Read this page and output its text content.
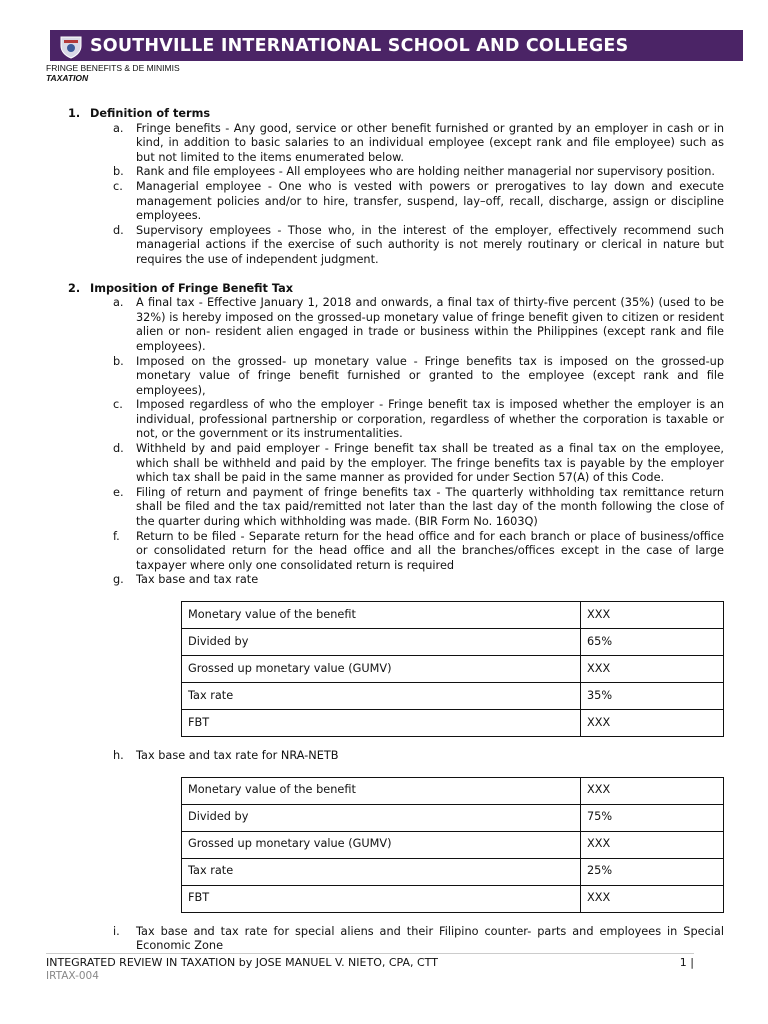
SOUTHVILLE INTERNATIONAL SCHOOL AND COLLEGES
FRINGE BENEFITS & DE MINIMIS
TAXATION
1. Definition of terms
a.	Fringe benefits - Any good, service or other benefit furnished or granted by an employer in cash or in kind, in addition to basic salaries to an individual employee (except rank and file employee) such as but not limited to the items enumerated below.
b.	Rank and file employees - All employees who are holding neither managerial nor supervisory position.
c.	Managerial employee - One who is vested with powers or prerogatives to lay down and execute management policies and/or to hire, transfer, suspend, lay–off, recall, discharge, assign or discipline employees.
d.	Supervisory employees - Those who, in the interest of the employer, effectively recommend such managerial actions if the exercise of such authority is not merely routinary or clerical in nature but requires the use of independent judgment.
2. Imposition of Fringe Benefit Tax
a.	A final tax - Effective January 1, 2018 and onwards, a final tax of thirty-five percent (35%) (used to be 32%) is hereby imposed on the grossed-up monetary value of fringe benefit given to citizen or resident alien or non- resident alien engaged in trade or business within the Philippines (except rank and file employees).
b.	Imposed on the grossed- up monetary value - Fringe benefits tax is imposed on the grossed-up monetary value of fringe benefit furnished or granted to the employee (except rank and file employees),
c.	Imposed regardless of who the employer - Fringe benefit tax is imposed whether the employer is an individual, professional partnership or corporation, regardless of whether the corporation is taxable or not, or the government or its instrumentalities.
d.	Withheld by and paid employer - Fringe benefit tax shall be treated as a final tax on the employee, which shall be withheld and paid by the employer. The fringe benefits tax is payable by the employer which tax shall be paid in the same manner as provided for under Section 57(A) of this Code.
e.	Filing of return and payment of fringe benefits tax - The quarterly withholding tax remittance return shall be filed and the tax paid/remitted not later than the last day of the month following the close of the quarter during which withholding was made. (BIR Form No. 1603Q)
f.	Return to be filed - Separate return for the head office and for each branch or place of business/office or consolidated return for the head office and all the branches/offices except in the case of large taxpayer where only one consolidated return is required
g.	Tax base and tax rate
Monetary value of the benefit	XXX
Divided by	65%
Grossed up monetary value (GUMV)	XXX
Tax rate	35%
FBT	XXX
h.	Tax base and tax rate for NRA-NETB
Monetary value of the benefit	XXX
Divided by	75%
Grossed up monetary value (GUMV)	XXX
Tax rate	25%
FBT	XXX
i.	Tax base and tax rate for special aliens and their Filipino counter- parts and employees in Special Economic Zone
INTEGRATED REVIEW IN TAXATION by JOSE MANUEL V. NIETO, CPA, CTT	1 |
IRTAX-004
